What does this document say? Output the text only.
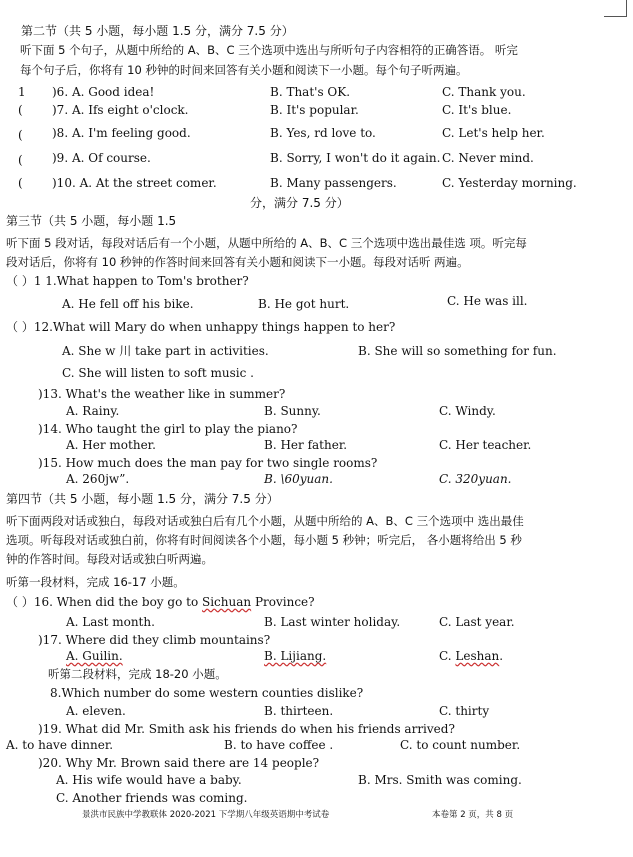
第二节（共 5 小题，每小题 1.5 分，满分 7.5 分）
听下面 5 个句子，从题中所给的 A、B、C 三个选项中选出与所听句子内容相符的正确答语。 听完
每个句子后，你将有 10 秒钟的时间来回答有关小题和阅读下一小题。每个句子听两遍。
1 )6. A. Good idea!	B. That's OK.	C. Thank you.
( )7. A. Ifs eight o'clock.	B. It's popular.	C. It's blue.
( )8. A. I'm feeling good.	B. Yes, rd love to.	C. Let's help her.
( )9. A. Of course.	B. Sorry, I won't do it again. C. Never mind.
( )10. A. At the street comer.	B. Many passengers.	C. Yesterday morning.
分，满分 7.5 分）
第三节（共 5 小题，每小题 1.5
听下面 5 段对话，每段对话后有一个小题，从题中所给的 A、B、C 三个选项中选出最佳选 项。听完每
段对话后，你将有 10 秒钟的作答时间来回答有关小题和阅读下一小题。每段对话听 两遍。
（ ）1 1.What happen to Tom's brother?
A. He fell off his bike.	B. He got hurt.	C. He was ill.
（ ）12.What will Mary do when unhappy things happen to her?
A. She w 川 take part in activities.	B. She will so something for fun.
C. She will listen to soft music .
)13. What's the weather like in summer?
A. Rainy.	B. Sunny.	C. Windy.
)14. Who taught the girl to play the piano?
A. Her mother.	B. Her father.	C. Her teacher.
)15. How much does the man pay for two single rooms?
A. 260jw”.	B. \60yuan.	C. 320yuan.
第四节（共 5 小题，每小题 1.5 分，满分 7.5 分）
听下面两段对话或独白，每段对话或独白后有几个小题，从题中所给的 A、B、C 三个选项中 选出最佳
选项。听每段对话或独白前，你将有时间阅读各个小题，每小题 5 秒钟；听完后， 各小题将给出 5 秒
钟的作答时间。每段对话或独白听两遍。
听第一段材料，完成 16-17 小题。
（ ）16. When did the boy go to Sichuan Province?
A. Last month.	B. Last winter holiday.	C. Last year.
)17. Where did they climb mountains?
A. Guilin.	B. Lijiang.	C. Leshan.
听第二段材料，完成 18-20 小题。
8.Which number do some western counties dislike?
A. eleven.	B. thirteen.	C. thirty
)19. What did Mr. Smith ask his friends do when his friends arrived?
A. to have dinner.	B. to have coffee .	C. to count number.
)20. Why Mr. Brown said there are 14 people?
A. His wife would have a baby.	B. Mrs. Smith was coming.
C. Another friends was coming.
景洪市民族中学教联体 2020-2021 下学期八年级英语期中考试卷	本卷第 2 页，共 8 页
